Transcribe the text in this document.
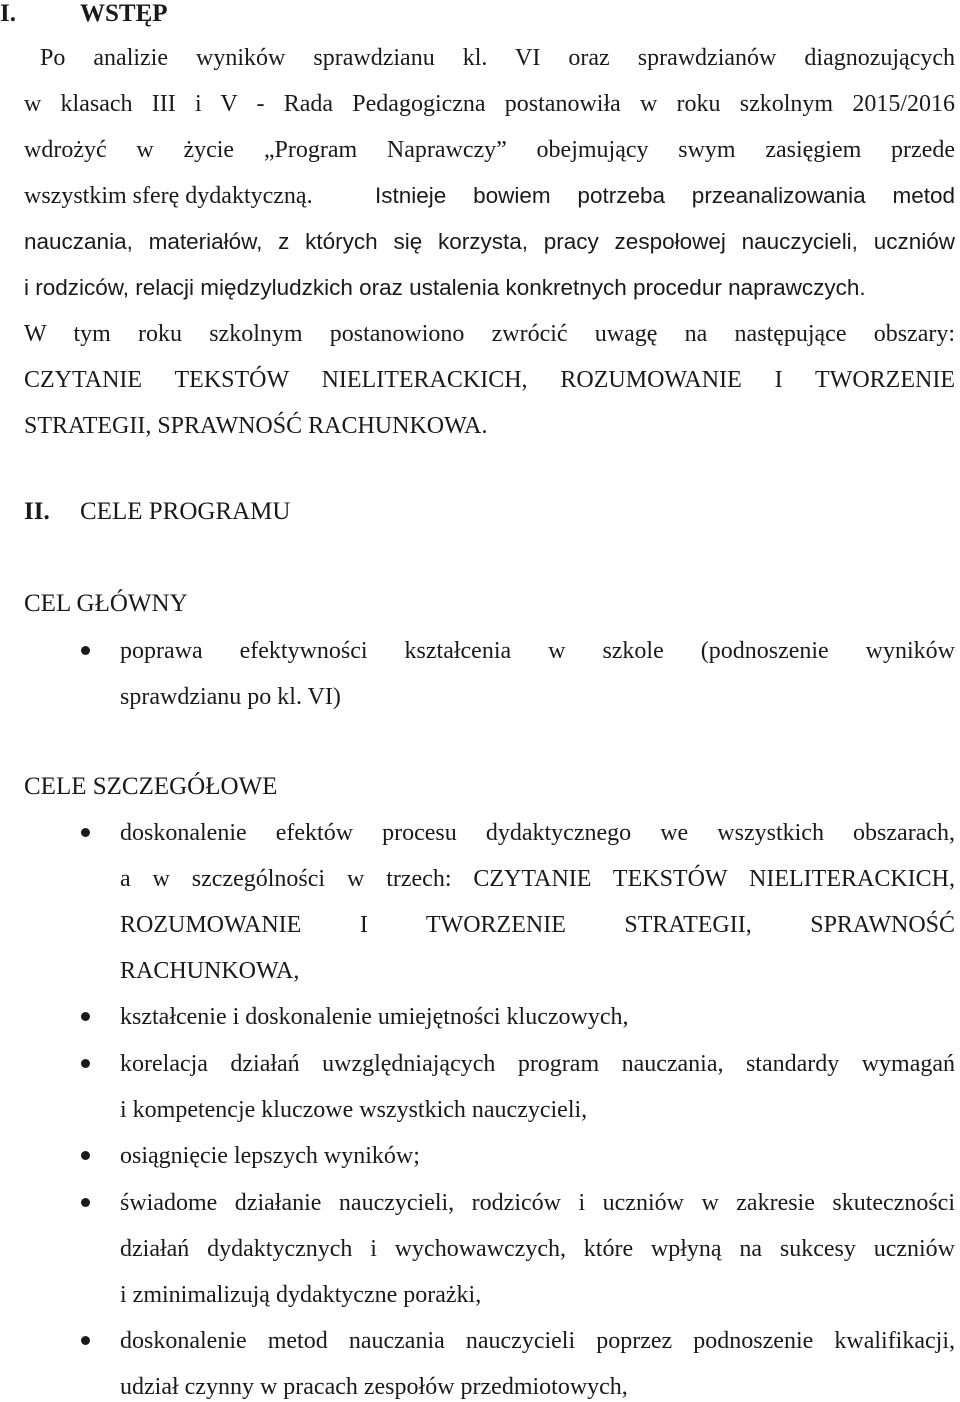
I.	WSTĘP
Po analizie wyników sprawdzianu kl. VI oraz sprawdzianów diagnozujących
w klasach III i V - Rada Pedagogiczna postanowiła w roku szkolnym 2015/2016
wdrożyć w życie „Program Naprawczy” obejmujący swym zasięgiem przede
wszystkim sferę dydaktyczną.	Istnieje bowiem potrzeba przeanalizowania metod
nauczania, materiałów, z których się korzysta, pracy zespołowej nauczycieli, uczniów
i rodziców, relacji międzyludzkich oraz ustalenia konkretnych procedur naprawczych.
W tym roku szkolnym postanowiono zwrócić uwagę na następujące obszary:
CZYTANIE TEKSTÓW NIELITERACKICH, ROZUMOWANIE I TWORZENIE
STRATEGII, SPRAWNOŚĆ RACHUNKOWA.
II. CELE PROGRAMU
CEL GŁÓWNY
poprawa efektywności kształcenia w szkole (podnoszenie wyników
sprawdzianu po kl. VI)
CELE SZCZEGÓŁOWE
doskonalenie efektów procesu dydaktycznego we wszystkich obszarach,
a w szczególności w trzech: CZYTANIE TEKSTÓW NIELITERACKICH,
ROZUMOWANIE I TWORZENIE STRATEGII, SPRAWNOŚĆ
RACHUNKOWA,
kształcenie i doskonalenie umiejętności kluczowych,
korelacja działań uwzględniających program nauczania, standardy wymagań
i kompetencje kluczowe wszystkich nauczycieli,
osiągnięcie lepszych wyników;
świadome działanie nauczycieli, rodziców i uczniów w zakresie skuteczności
działań dydaktycznych i wychowawczych, które wpłyną na sukcesy uczniów
i zminimalizują dydaktyczne porażki,
doskonalenie metod nauczania nauczycieli poprzez podnoszenie kwalifikacji,
udział czynny w pracach zespołów przedmiotowych,
